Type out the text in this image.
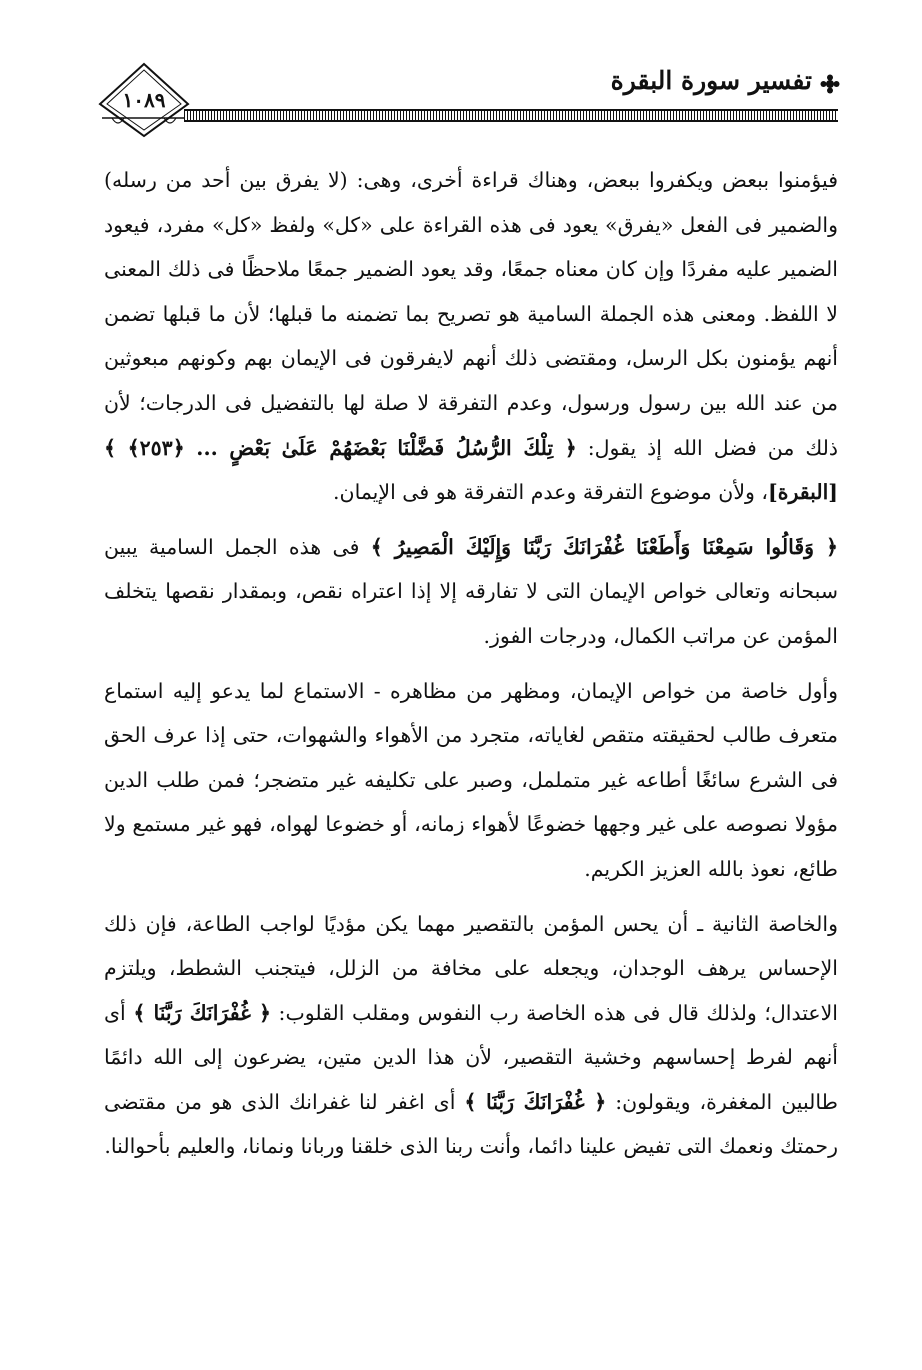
١٠٨٩
تفسير سورة البقرة

فيؤمنوا ببعض ويكفروا ببعض، وهناك قراءة أخرى، وهى: (لا يفرق بين أحد من رسله) والضمير فى الفعل «يفرق» يعود فى هذه القراءة على «كل» ولفظ «كل» مفرد، فيعود الضمير عليه مفردًا وإن كان معناه جمعًا، وقد يعود الضمير جمعًا ملاحظًا فى ذلك المعنى لا اللفظ. ومعنى هذه الجملة السامية هو تصريح بما تضمنه ما قبلها؛ لأن ما قبلها تضمن أنهم يؤمنون بكل الرسل، ومقتضى ذلك أنهم لايفرقون فى الإيمان بهم وكونهم مبعوثين من عند الله بين رسول ورسول، وعدم التفرقة لا صلة لها بالتفضيل فى الدرجات؛ لأن ذلك من فضل الله إذ يقول: ﴿ تِلْكَ الرُّسُلُ فَضَّلْنَا بَعْضَهُمْ عَلَىٰ بَعْضٍ ... ﴿٢٥٣﴾ ﴾ [البقرة]، ولأن موضوع التفرقة وعدم التفرقة هو فى الإيمان.

﴿ وَقَالُوا سَمِعْنَا وَأَطَعْنَا غُفْرَانَكَ رَبَّنَا وَإِلَيْكَ الْمَصِيرُ ﴾ فى هذه الجمل السامية يبين سبحانه وتعالى خواص الإيمان التى لا تفارقه إلا إذا اعتراه نقص، وبمقدار نقصها يتخلف المؤمن عن مراتب الكمال، ودرجات الفوز.

وأول خاصة من خواص الإيمان، ومظهر من مظاهره - الاستماع لما يدعو إليه استماع متعرف طالب لحقيقته متقص لغاياته، متجرد من الأهواء والشهوات، حتى إذا عرف الحق فى الشرع سائغًا أطاعه غير متململ، وصبر على تكليفه غير متضجر؛ فمن طلب الدين مؤولا نصوصه على غير وجهها خضوعًا لأهواء زمانه، أو خضوعا لهواه، فهو غير مستمع ولا طائع، نعوذ بالله العزيز الكريم.

والخاصة الثانية ـ أن يحس المؤمن بالتقصير مهما يكن مؤديًا لواجب الطاعة، فإن ذلك الإحساس يرهف الوجدان، ويجعله على مخافة من الزلل، فيتجنب الشطط، ويلتزم الاعتدال؛ ولذلك قال فى هذه الخاصة رب النفوس ومقلب القلوب: ﴿ غُفْرَانَكَ رَبَّنَا ﴾ أى أنهم لفرط إحساسهم وخشية التقصير، لأن هذا الدين متين، يضرعون إلى الله دائمًا طالبين المغفرة، ويقولون: ﴿ غُفْرَانَكَ رَبَّنَا ﴾ أى اغفر لنا غفرانك الذى هو من مقتضى رحمتك ونعمك التى تفيض علينا دائما، وأنت ربنا الذى خلقنا وربانا ونمانا، والعليم بأحوالنا.
